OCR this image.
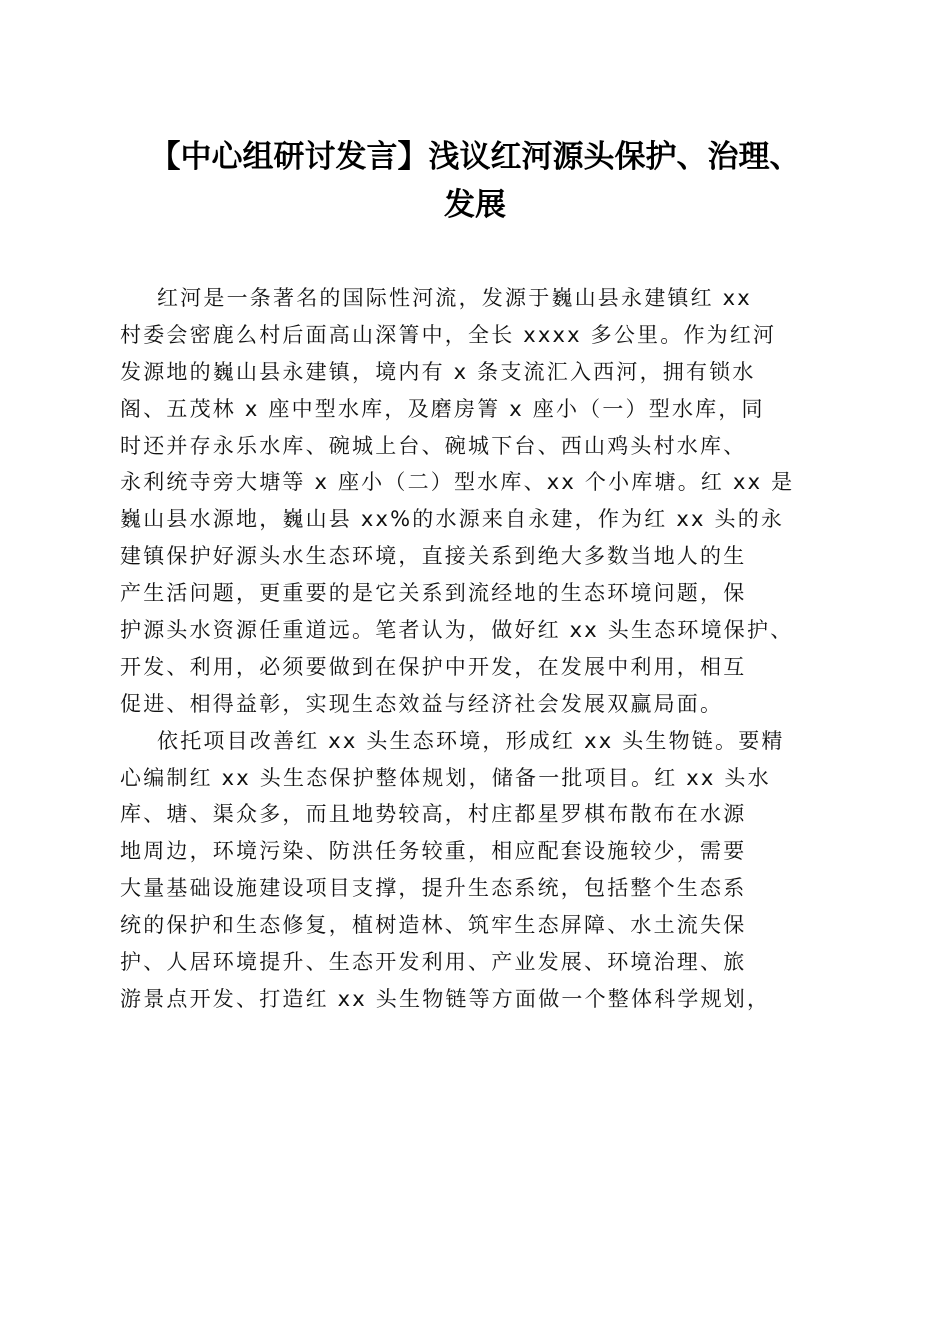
【中心组研讨发言】浅议红河源头保护、治理、
发展
红河是一条著名的国际性河流，发源于巍山县永建镇红 xx
村委会密鹿么村后面高山深箐中，全长 xxxx 多公里。作为红河
发源地的巍山县永建镇，境内有 x 条支流汇入西河，拥有锁水
阁、五茂林 x 座中型水库，及磨房箐 x 座小（一）型水库，同
时还并存永乐水库、碗城上台、碗城下台、西山鸡头村水库、
永利统寺旁大塘等 x 座小（二）型水库、xx 个小库塘。红 xx 是
巍山县水源地，巍山县 xx%的水源来自永建，作为红 xx 头的永
建镇保护好源头水生态环境，直接关系到绝大多数当地人的生
产生活问题，更重要的是它关系到流经地的生态环境问题，保
护源头水资源任重道远。笔者认为，做好红 xx 头生态环境保护、
开发、利用，必须要做到在保护中开发，在发展中利用，相互
促进、相得益彰，实现生态效益与经济社会发展双赢局面。
依托项目改善红 xx 头生态环境，形成红 xx 头生物链。要精
心编制红 xx 头生态保护整体规划，储备一批项目。红 xx 头水
库、塘、渠众多，而且地势较高，村庄都星罗棋布散布在水源
地周边，环境污染、防洪任务较重，相应配套设施较少，需要
大量基础设施建设项目支撑，提升生态系统，包括整个生态系
统的保护和生态修复，植树造林、筑牢生态屏障、水土流失保
护、人居环境提升、生态开发利用、产业发展、环境治理、旅
游景点开发、打造红 xx 头生物链等方面做一个整体科学规划，
